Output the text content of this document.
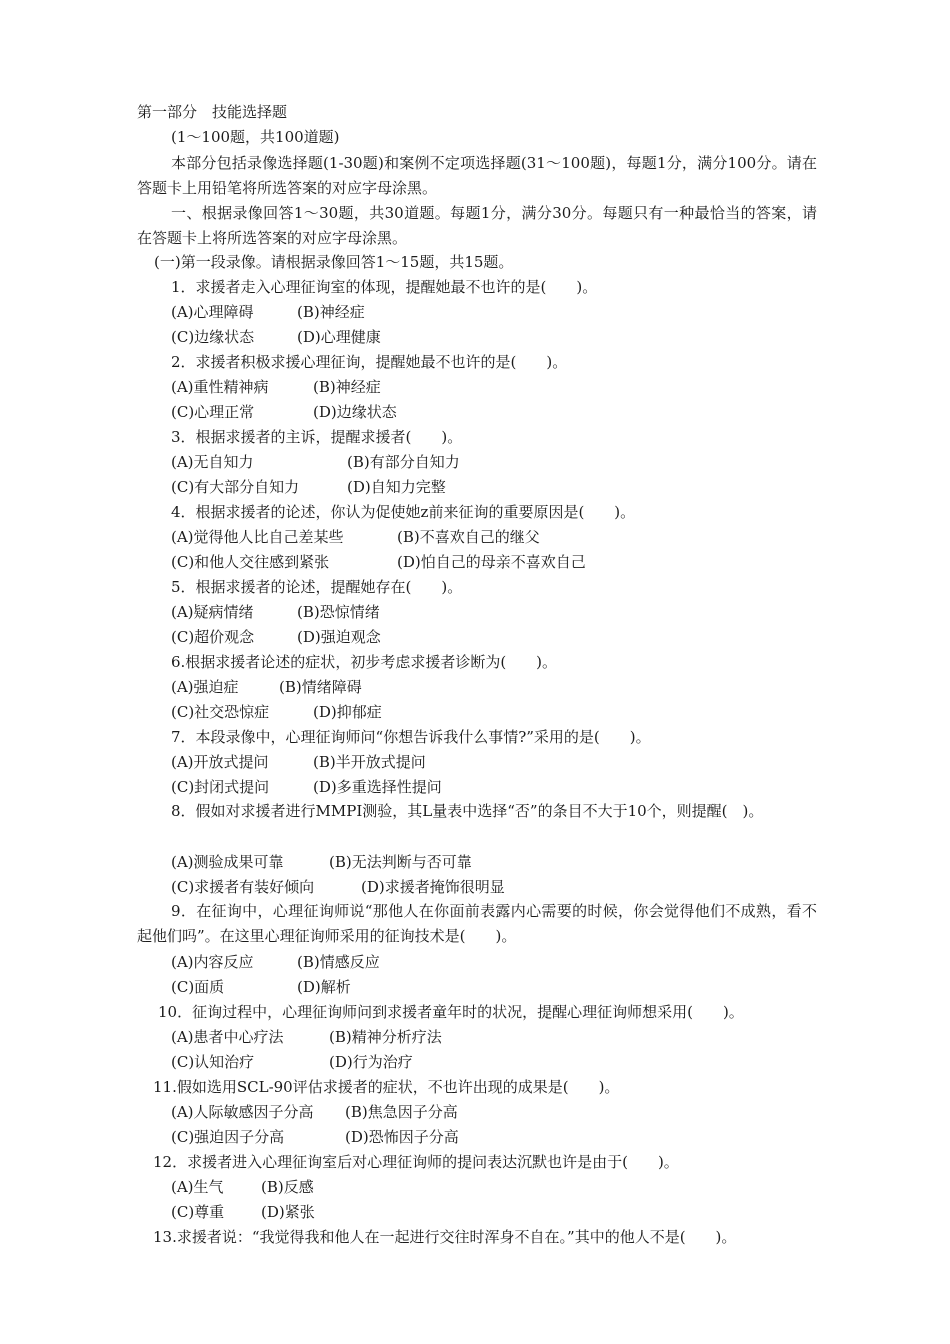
第一部分　技能选择题
(1～100题，共100道题)
本部分包括录像选择题(1-30题)和案例不定项选择题(31～100题)，每题1分，满分100分。请在答题卡上用铅笔将所选答案的对应字母涂黑。
一、根据录像回答1～30题，共30道题。每题1分，满分30分。每题只有一种最恰当的答案，请在答题卡上将所选答案的对应字母涂黑。
(一)第一段录像。请根据录像回答1～15题，共15题。
1．求援者走入心理征询室的体现，提醒她最不也许的是(　　)。
(A)心理障碍	(B)神经症
(C)边缘状态	(D)心理健康
2．求援者积极求援心理征询，提醒她最不也许的是(　　)。
(A)重性精神病	(B)神经症
(C)心理正常	(D)边缘状态
3．根据求援者的主诉，提醒求援者(　　)。
(A)无自知力	(B)有部分自知力
(C)有大部分自知力	(D)自知力完整
4．根据求援者的论述，你认为促使她z前来征询的重要原因是(　　)。
(A)觉得他人比自己差某些	(B)不喜欢自己的继父
(C)和他人交往感到紧张	(D)怕自己的母亲不喜欢自己
5．根据求援者的论述，提醒她存在(　　)。
(A)疑病情绪	(B)恐惊情绪
(C)超价观念	(D)强迫观念
6.根据求援者论述的症状，初步考虑求援者诊断为(　　)。
(A)强迫症	(B)情绪障碍
(C)社交恐惊症	(D)抑郁症
7．本段录像中，心理征询师问“你想告诉我什么事情?”采用的是(　　)。
(A)开放式提问	(B)半开放式提问
(C)封闭式提问	(D)多重选择性提问
8．假如对求援者进行MMPI测验，其L量表中选择“否”的条目不大于10个，则提醒(　)。
(A)测验成果可靠	(B)无法判断与否可靠
(C)求援者有装好倾向	(D)求援者掩饰很明显
9．在征询中，心理征询师说“那他人在你面前表露内心需要的时候，你会觉得他们不成熟，看不起他们吗”。在这里心理征询师采用的征询技术是(　　)。
(A)内容反应	(B)情感反应
(C)面质	(D)解析
10．征询过程中，心理征询师问到求援者童年时的状况，提醒心理征询师想采用(　　)。
(A)患者中心疗法	(B)精神分析疗法
(C)认知治疗	(D)行为治疗
11.假如选用SCL-90评估求援者的症状，不也许出现的成果是(　　)。
(A)人际敏感因子分高 (B)焦急因子分高
(C)强迫因子分高	(D)恐怖因子分高
12．求援者进入心理征询室后对心理征询师的提问表达沉默也许是由于(　　)。
(A)生气 (B)反感
(C)尊重 (D)紧张
13.求援者说：“我觉得我和他人在一起进行交往时浑身不自在。”其中的他人不是(　　)。
